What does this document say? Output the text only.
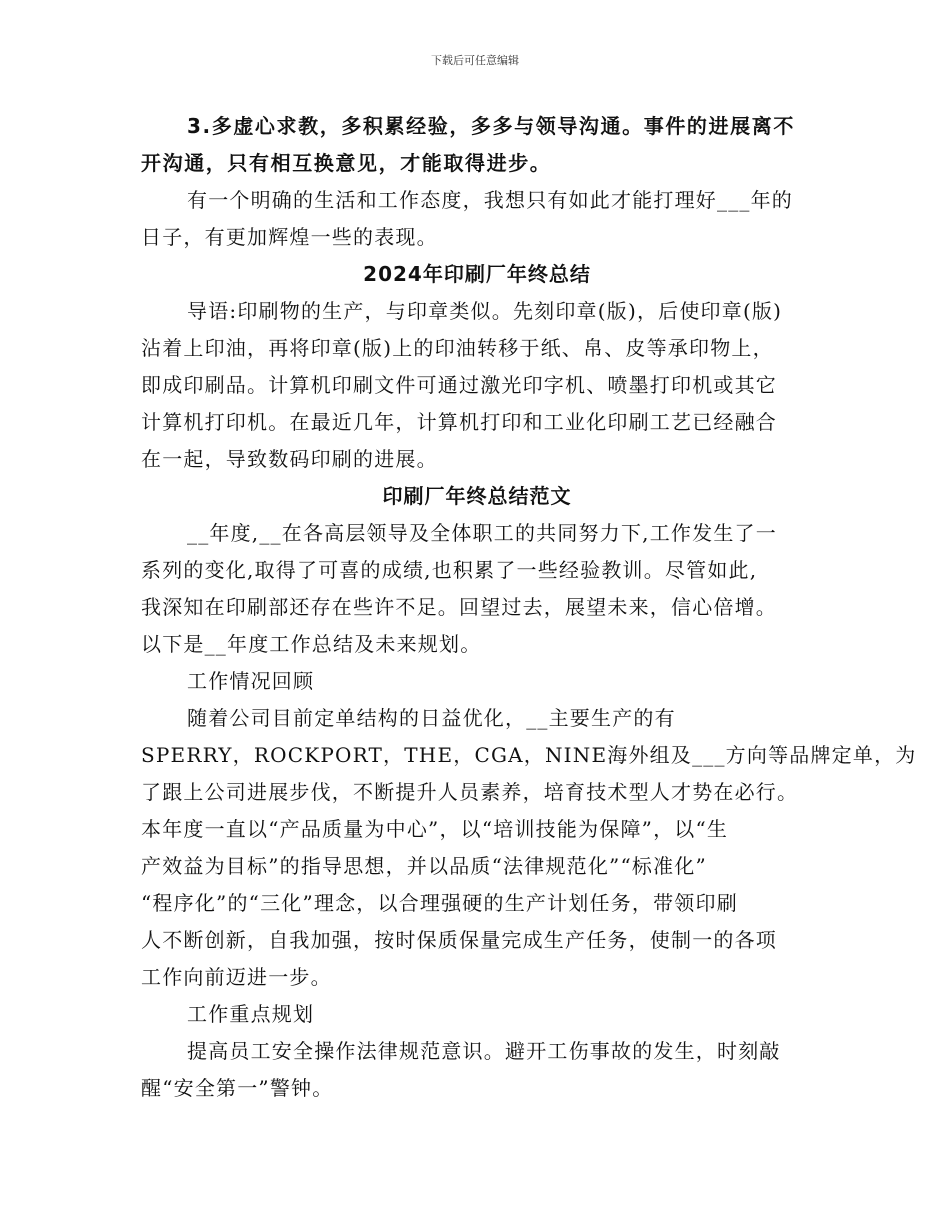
下载后可任意编辑

3.多虚心求教，多积累经验，多多与领导沟通。事件的进展离不

开沟通，只有相互换意见，才能取得进步。

有一个明确的生活和工作态度，我想只有如此才能打理好___年的

日子，有更加辉煌一些的表现。

2024年印刷厂年终总结

导语:印刷物的生产，与印章类似。先刻印章(版)，后使印章(版)

沾着上印油，再将印章(版)上的印油转移于纸、帛、皮等承印物上，

即成印刷品。计算机印刷文件可通过激光印字机、喷墨打印机或其它

计算机打印机。在最近几年，计算机打印和工业化印刷工艺已经融合

在一起，导致数码印刷的进展。

印刷厂年终总结范文

__年度,__在各高层领导及全体职工的共同努力下,工作发生了一

系列的变化,取得了可喜的成绩,也积累了一些经验教训。尽管如此,

我深知在印刷部还存在些许不足。回望过去，展望未来，信心倍增。

以下是__年度工作总结及未来规划。

工作情况回顾

随着公司目前定单结构的日益优化，__主要生产的有

SPERRY，ROCKPORT，THE，CGA，NINE海外组及___方向等品牌定单，为

了跟上公司进展步伐，不断提升人员素养，培育技术型人才势在必行。

本年度一直以“产品质量为中心”，以“培训技能为保障”，以“生

产效益为目标”的指导思想，并以品质“法律规范化”“标准化”

“程序化”的“三化”理念，以合理强硬的生产计划任务，带领印刷

人不断创新，自我加强，按时保质保量完成生产任务，使制一的各项

工作向前迈进一步。

工作重点规划

提高员工安全操作法律规范意识。避开工伤事故的发生，时刻敲

醒“安全第一”警钟。
